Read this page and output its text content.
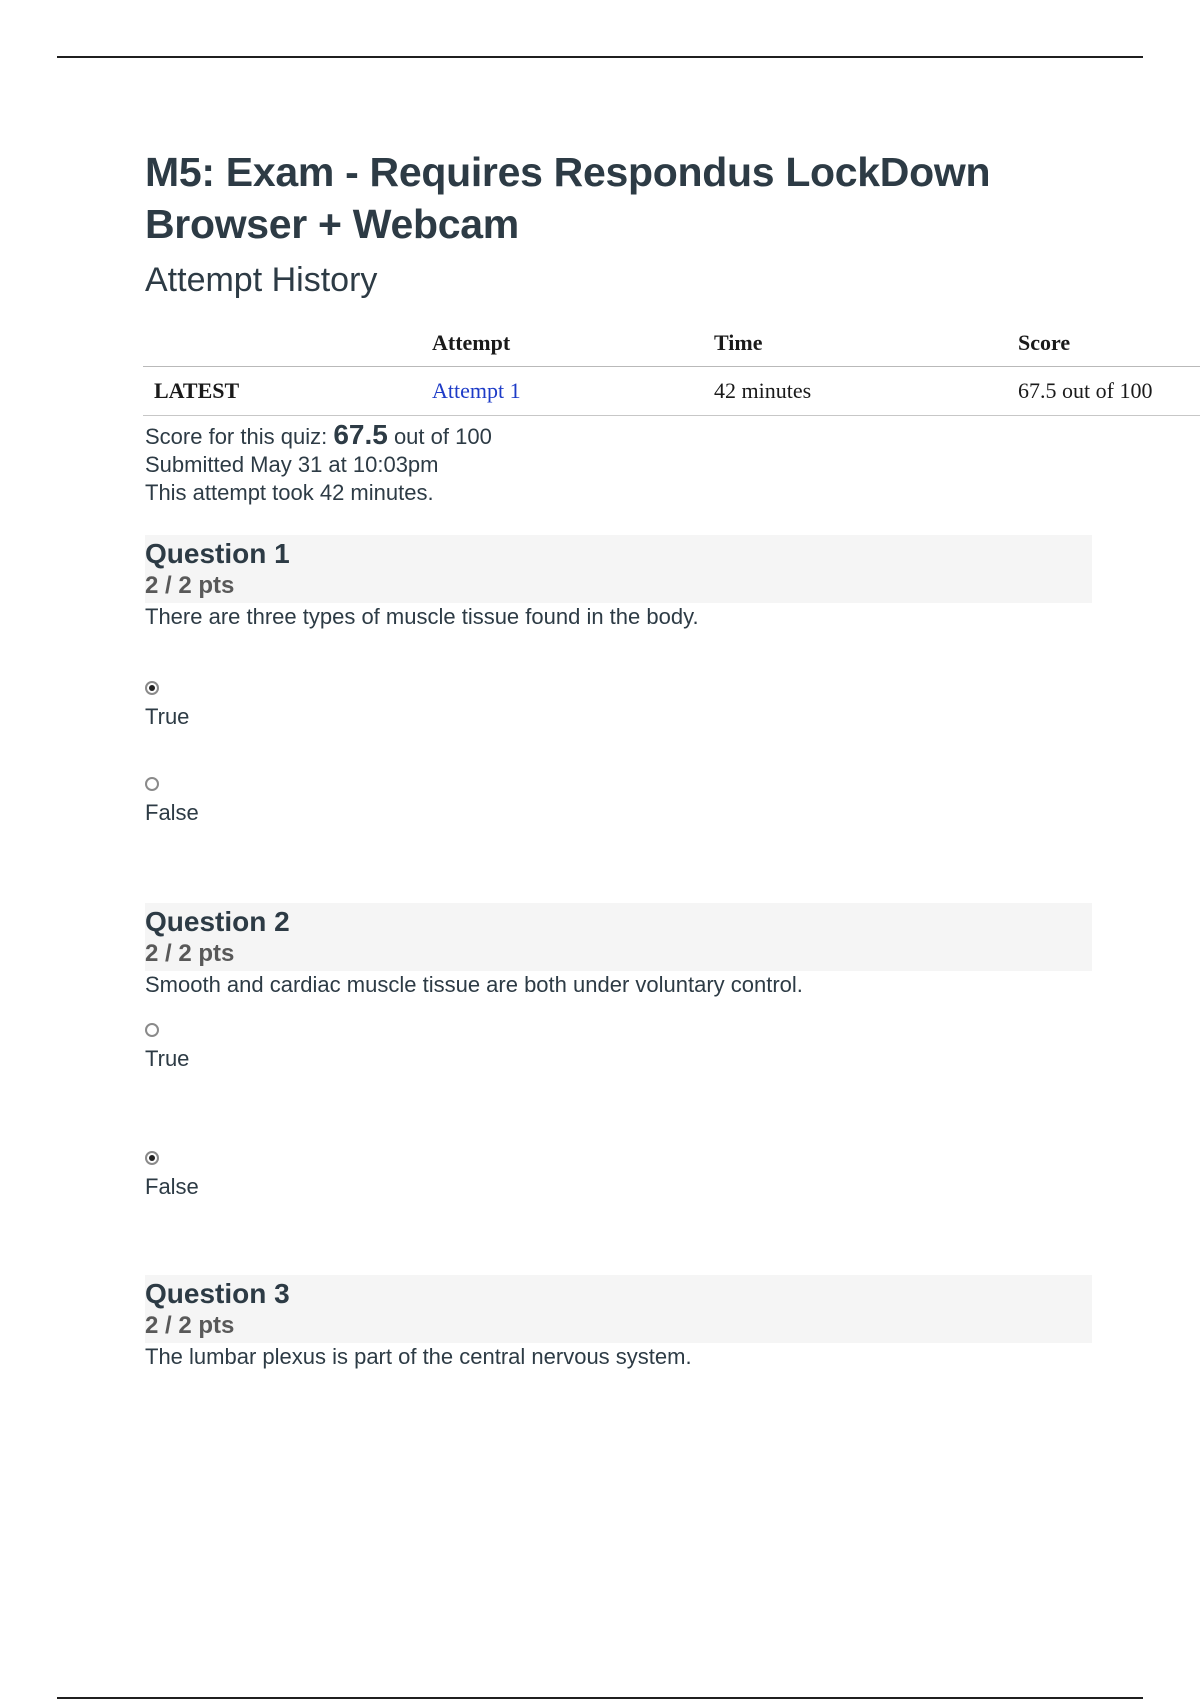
M5: Exam - Requires Respondus LockDown Browser + Webcam
Attempt History
	Attempt	Time	Score
LATEST	Attempt 1	42 minutes	67.5 out of 100
Score for this quiz: 67.5 out of 100
Submitted May 31 at 10:03pm
This attempt took 42 minutes.
Question 1
2 / 2 pts
There are three types of muscle tissue found in the body.
True
False
Question 2
2 / 2 pts
Smooth and cardiac muscle tissue are both under voluntary control.
True
False
Question 3
2 / 2 pts
The lumbar plexus is part of the central nervous system.
